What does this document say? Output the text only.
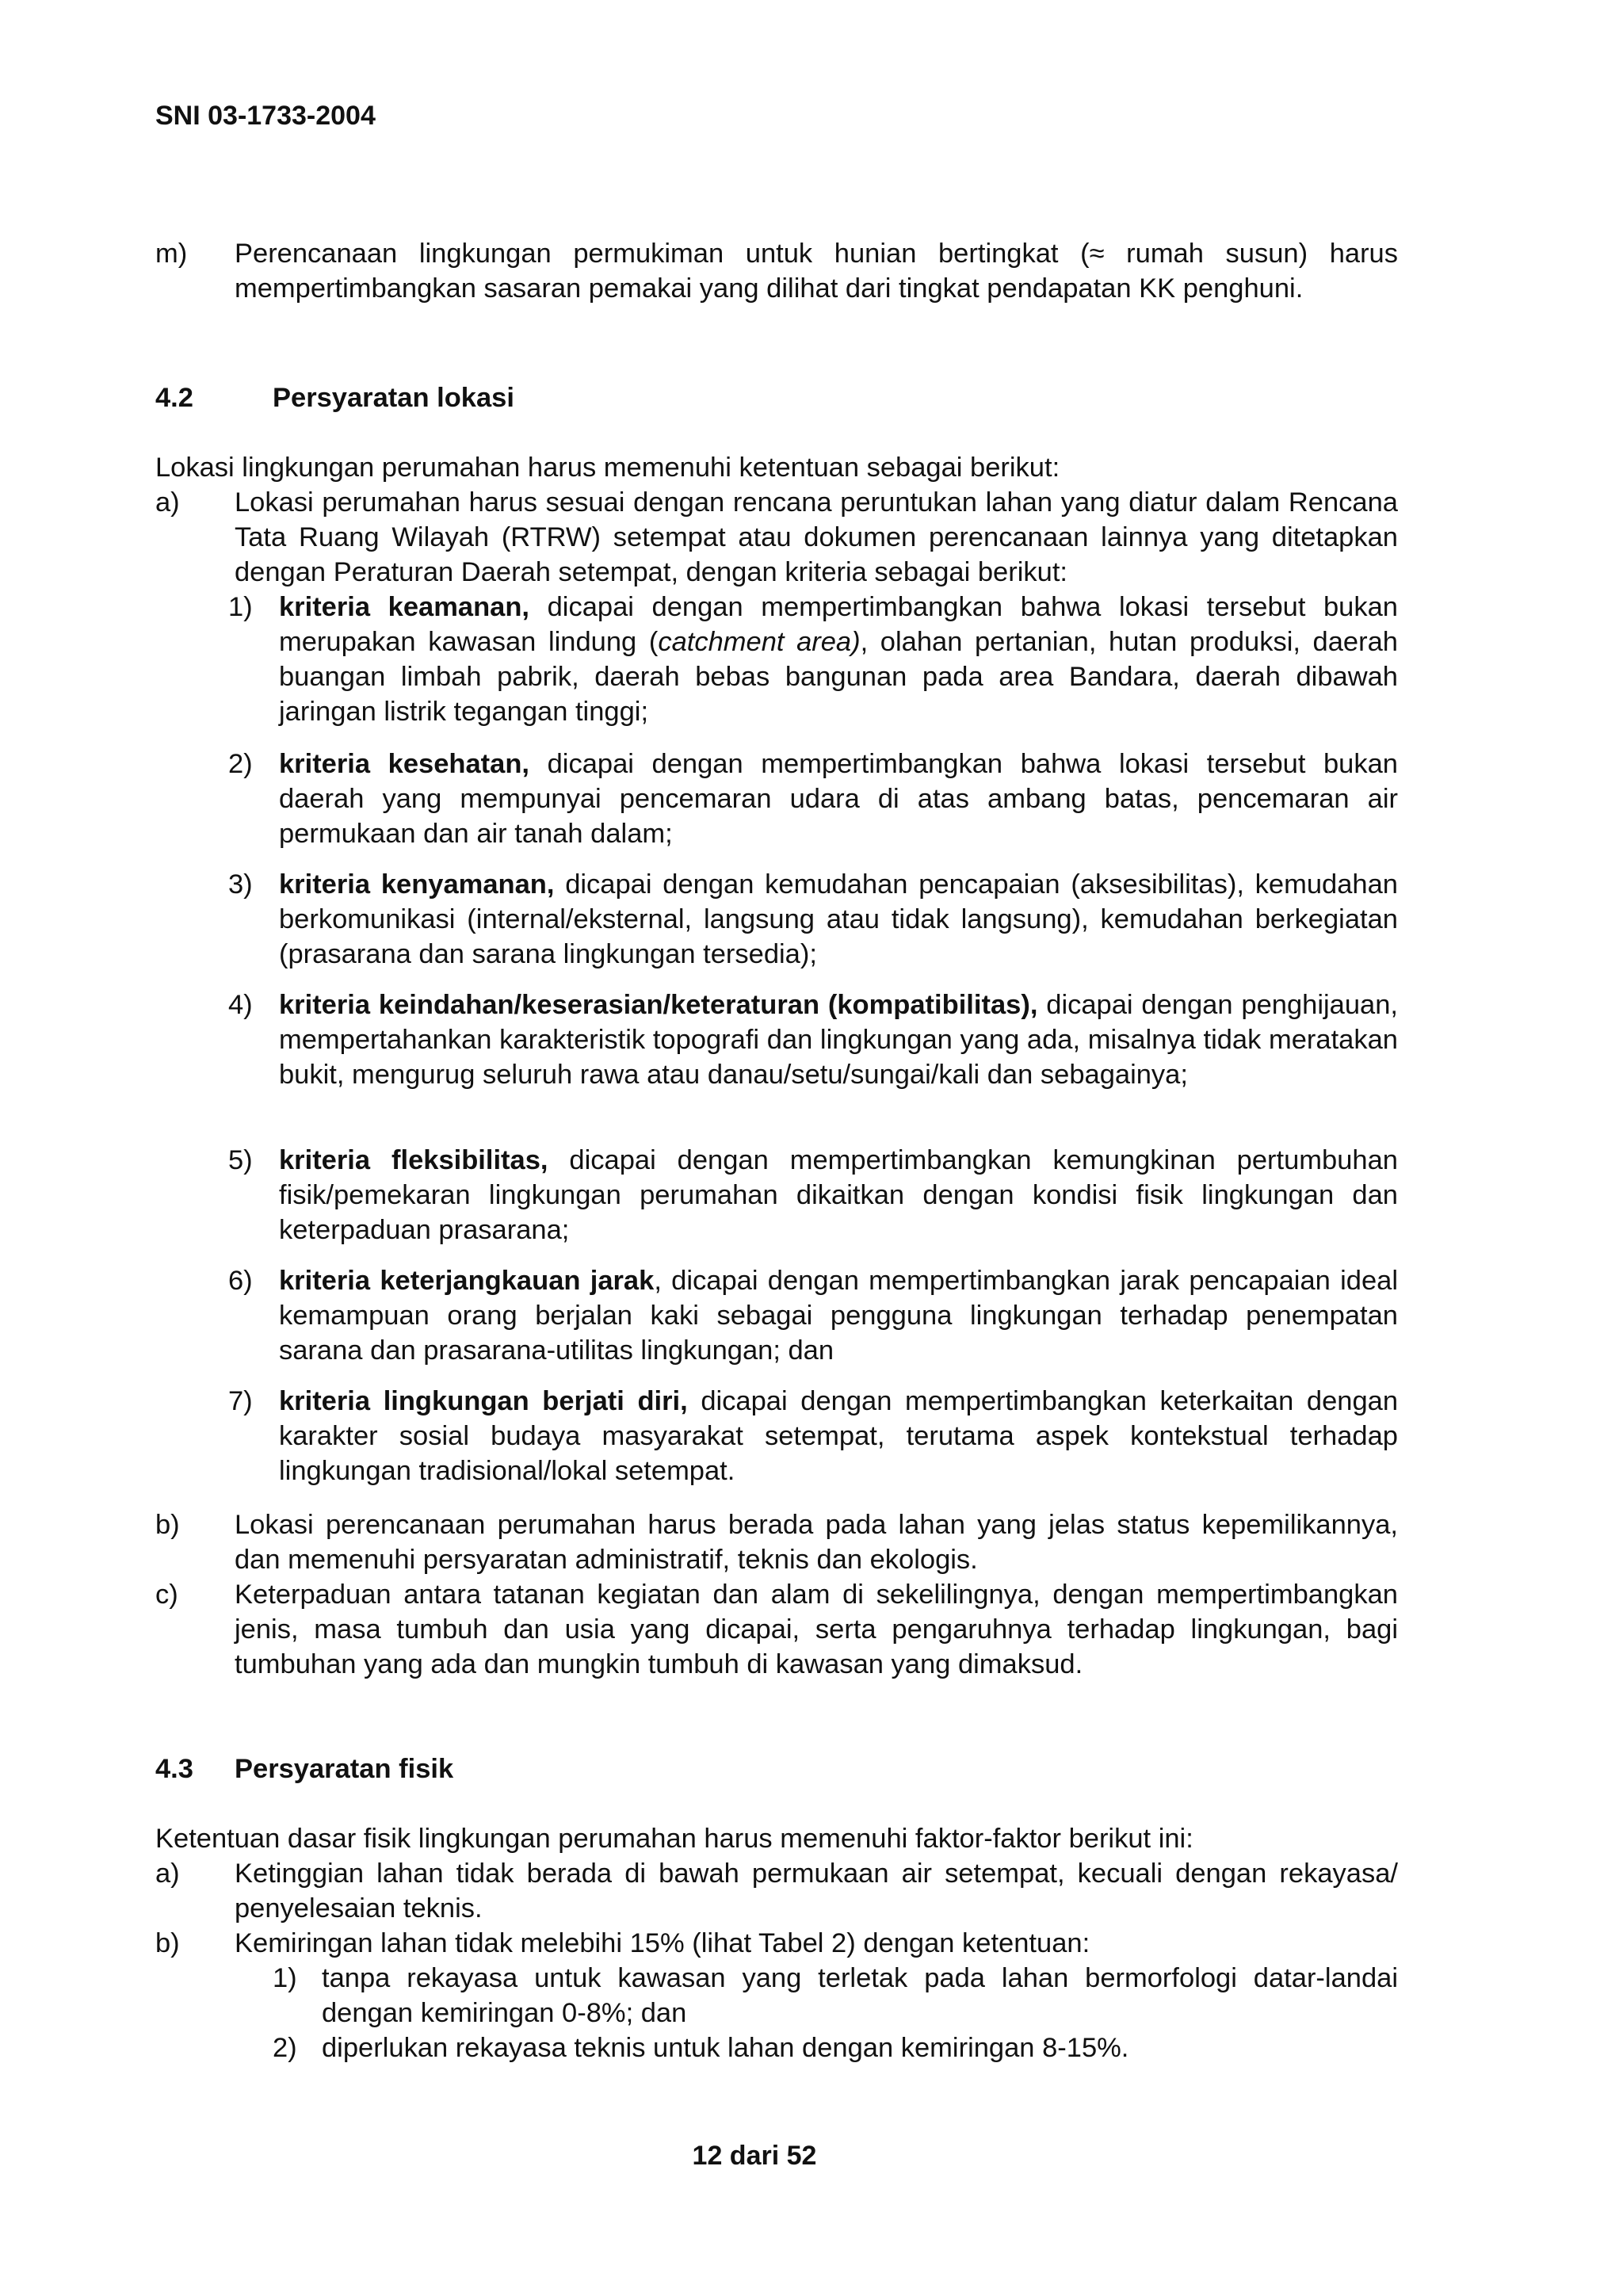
SNI 03-1733-2004
m) Perencanaan lingkungan permukiman untuk hunian bertingkat (≈ rumah susun) harus mempertimbangkan sasaran pemakai yang dilihat dari tingkat pendapatan KK penghuni.
4.2	Persyaratan lokasi
Lokasi lingkungan perumahan harus memenuhi ketentuan sebagai berikut:
a) Lokasi perumahan harus sesuai dengan rencana peruntukan lahan yang diatur dalam Rencana Tata Ruang Wilayah (RTRW) setempat atau dokumen perencanaan lainnya yang ditetapkan dengan Peraturan Daerah setempat, dengan kriteria sebagai berikut:
1) kriteria keamanan, dicapai dengan mempertimbangkan bahwa lokasi tersebut bukan merupakan kawasan lindung (catchment area), olahan pertanian, hutan produksi, daerah buangan limbah pabrik, daerah bebas bangunan pada area Bandara, daerah dibawah jaringan listrik tegangan tinggi;
2) kriteria kesehatan, dicapai dengan mempertimbangkan bahwa lokasi tersebut bukan daerah yang mempunyai pencemaran udara di atas ambang batas, pencemaran air permukaan dan air tanah dalam;
3) kriteria kenyamanan, dicapai dengan kemudahan pencapaian (aksesibilitas), kemudahan berkomunikasi (internal/eksternal, langsung atau tidak langsung), kemudahan berkegiatan (prasarana dan sarana lingkungan tersedia);
4) kriteria keindahan/keserasian/keteraturan (kompatibilitas), dicapai dengan penghijauan, mempertahankan karakteristik topografi dan lingkungan yang ada, misalnya tidak meratakan bukit, mengurug seluruh rawa atau danau/setu/sungai/kali dan sebagainya;
5) kriteria fleksibilitas, dicapai dengan mempertimbangkan kemungkinan pertumbuhan fisik/pemekaran lingkungan perumahan dikaitkan dengan kondisi fisik lingkungan dan keterpaduan prasarana;
6) kriteria keterjangkauan jarak, dicapai dengan mempertimbangkan jarak pencapaian ideal kemampuan orang berjalan kaki sebagai pengguna lingkungan terhadap penempatan sarana dan prasarana-utilitas lingkungan; dan
7) kriteria lingkungan berjati diri, dicapai dengan mempertimbangkan keterkaitan dengan karakter sosial budaya masyarakat setempat, terutama aspek kontekstual terhadap lingkungan tradisional/lokal setempat.
b) Lokasi perencanaan perumahan harus berada pada lahan yang jelas status kepemilikannya, dan memenuhi persyaratan administratif, teknis dan ekologis.
c) Keterpaduan antara tatanan kegiatan dan alam di sekelilingnya, dengan mempertimbangkan jenis, masa tumbuh dan usia yang dicapai, serta pengaruhnya terhadap lingkungan, bagi tumbuhan yang ada dan mungkin tumbuh di kawasan yang dimaksud.
4.3 Persyaratan fisik
Ketentuan dasar fisik lingkungan perumahan harus memenuhi faktor-faktor berikut ini:
a) Ketinggian lahan tidak berada di bawah permukaan air setempat, kecuali dengan rekayasa/ penyelesaian teknis.
b) Kemiringan lahan tidak melebihi 15% (lihat Tabel 2) dengan ketentuan:
1) tanpa rekayasa untuk kawasan yang terletak pada lahan bermorfologi datar-landai dengan kemiringan 0-8%; dan
2) diperlukan rekayasa teknis untuk lahan dengan kemiringan 8-15%.
12 dari 52
